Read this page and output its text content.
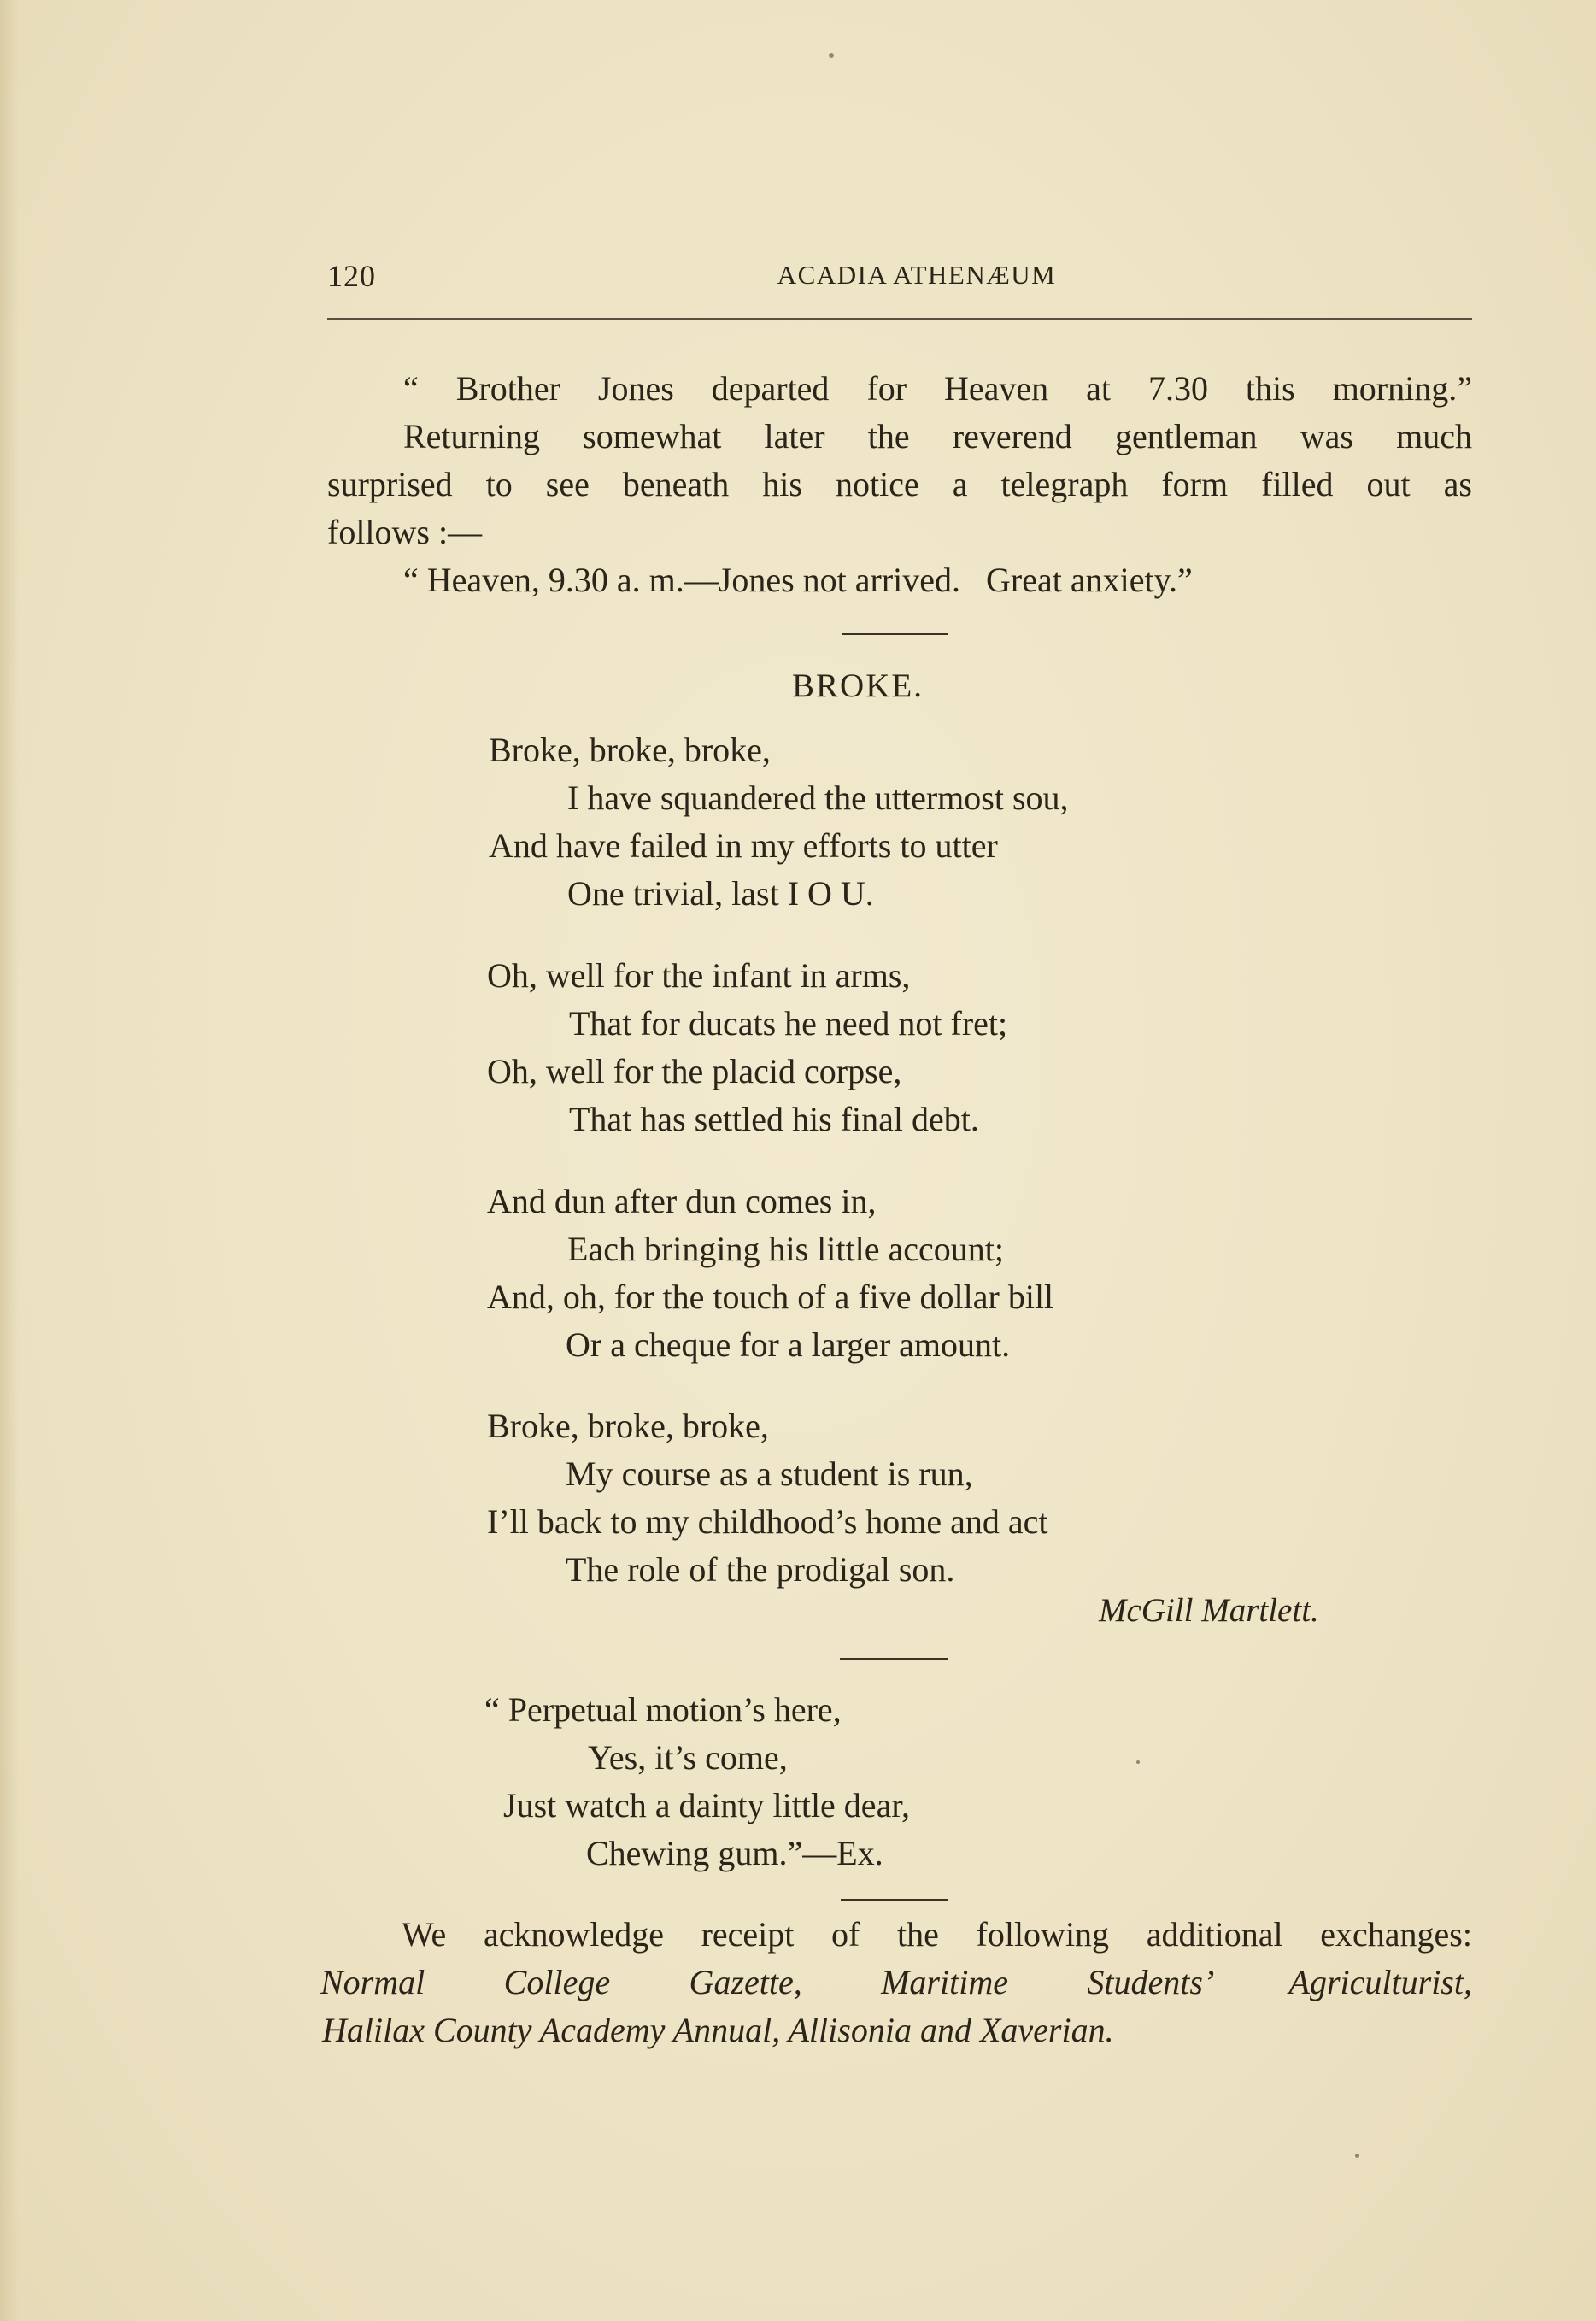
120	ACADIA ATHENÆUM
“ Brother Jones departed for Heaven at 7.30 this morning.”
Returning somewhat later the reverend gentleman was much
surprised to see beneath his notice a telegraph form filled out as
follows :—
“ Heaven, 9.30 a. m.—Jones not arrived.   Great anxiety.”
BROKE.
Broke, broke, broke,
I have squandered the uttermost sou,
And have failed in my efforts to utter
One trivial, last I O U.
Oh, well for the infant in arms,
That for ducats he need not fret;
Oh, well for the placid corpse,
That has settled his final debt.
And dun after dun comes in,
Each bringing his little account;
And, oh, for the touch of a five dollar bill
Or a cheque for a larger amount.
Broke, broke, broke,
My course as a student is run,
I’ll back to my childhood’s home and act
The role of the prodigal son.
McGill Martlett.
“ Perpetual motion’s here,
Yes, it’s come,
Just watch a dainty little dear,
Chewing gum.”—Ex.
We acknowledge receipt of the following additional exchanges:
Normal College Gazette, Maritime Students’ Agriculturist,
Halilax County Academy Annual, Allisonia and Xaverian.
